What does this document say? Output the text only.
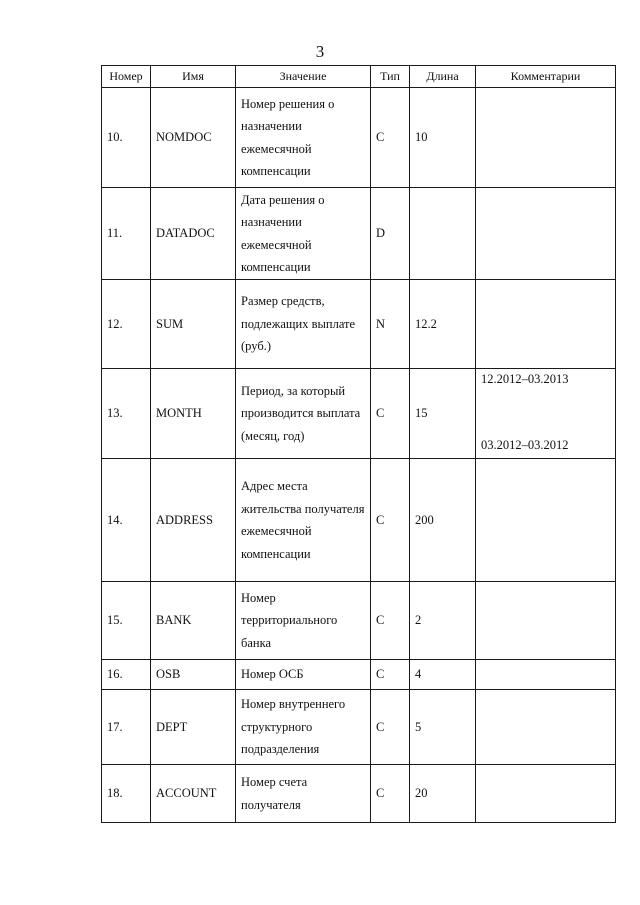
3
Номер	Имя	Значение	Тип	Длина	Комментарии
10.	NOMDOC	Номер решения о назначении ежемесячной компенсации	C	10	
11.	DATADOC	Дата решения о назначении ежемесячной компенсации	D		
12.	SUM	Размер средств, подлежащих выплате (руб.)	N	12.2	
13.	MONTH	Период, за который производится выплата (месяц, год)	C	15	12.2012–03.2013
03.2012–03.2012

14.	ADDRESS	Адрес места жительства получателя ежемесячной компенсации	C	200	
15.	BANK	Номер территориального банка	C	2	
16.	OSB	Номер ОСБ	C	4	
17.	DEPT	Номер внутреннего структурного подразделения	C	5	
18.	ACCOUNT	Номер счета получателя	C	20	
